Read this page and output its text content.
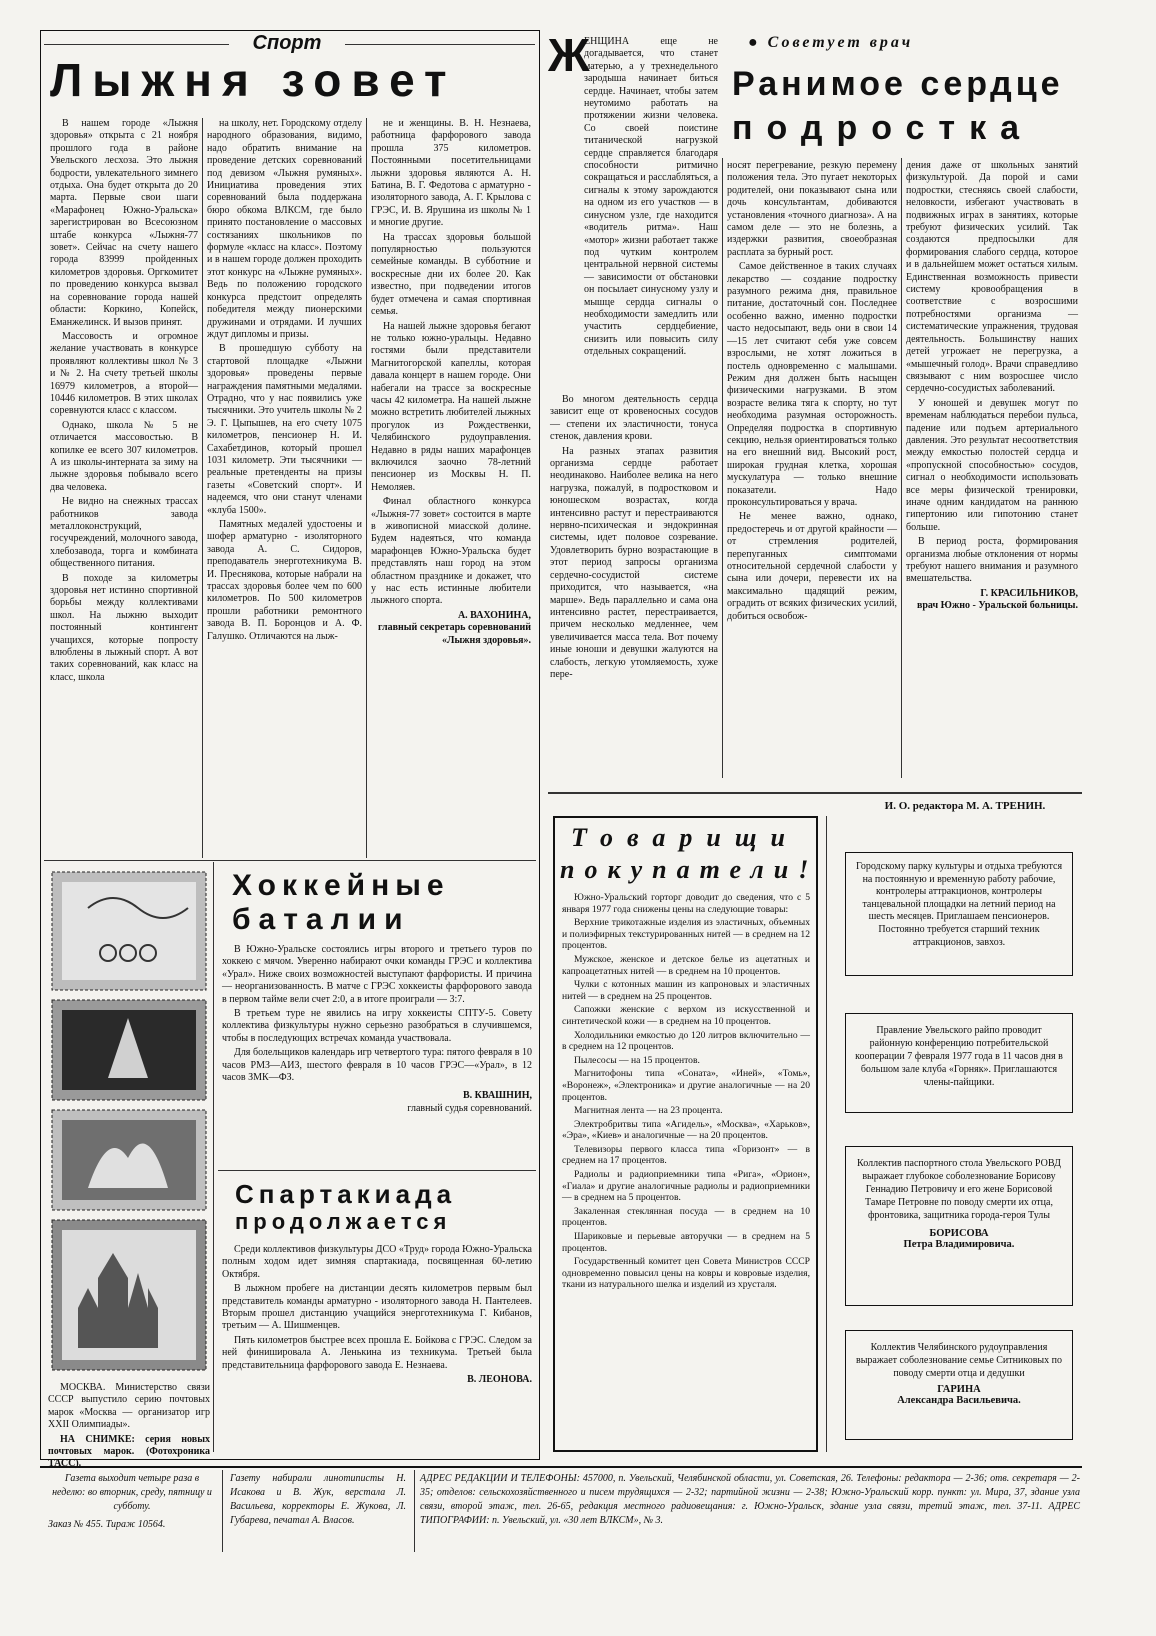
Спорт
Лыжня зовет

В нашем городе «Лыжня здоровья» открыта с 21 ноября прошлого года в районе Увельского лесхоза. Это лыжня бодрости, увлекательного зимнего отдыха. Она будет открыта до 20 марта. Первые свои шаги «Марафонец Южно-Уральска» зарегистрирован во Всесоюзном штабе конкурса «Лыжня-77 зовет». Сейчас на счету нашего города 83999 пройденных километров здоровья. Оргкомитет по проведению конкурса вызвал на соревнование города нашей области: Коркино, Копейск, Еманжелинск. И вызов принят.

Массовость и огромное желание участвовать в конкурсе проявляют коллективы школ № 3 и № 2. На счету третьей школы 16979 километров, а второй— 10446 километров. В этих школах соревнуются класс с классом.

Однако, школа № 5 не отличается массовостью. В копилке ее всего 307 километров. А из школы-интерната за зиму на лыжне здоровья побывало всего два человека.

Не видно на снежных трассах работников завода металлоконструкций, госучреждений, молочного завода, хлебозавода, торга и комбината общественного питания.

В походе за километры здоровья нет истинно спортивной борьбы между коллективами школ. На лыжню выходит постоянный контингент учащихся, которые попросту влюблены в лыжный спорт. А вот таких соревнований, как класс на класс, школа

на школу, нет. Городскому отделу народного образования, видимо, надо обратить внимание на проведение детских соревнований под девизом «Лыжня румяных». Инициатива проведения этих соревнований была поддержана бюро обкома ВЛКСМ, где было принято постановление о массовых состязаниях школьников по формуле «класс на класс». Поэтому и в нашем городе должен проходить этот конкурс на «Лыжне румяных». Ведь по положению городского конкурса предстоит определять победителя между пионерскими дружинами и отрядами. И лучших ждут дипломы и призы.

В прошедшую субботу на стартовой площадке «Лыжни здоровья» проведены первые награждения памятными медалями. Отрадно, что у нас появились уже тысячники. Это учитель школы № 2 Э. Г. Цыпышев, на его счету 1075 километров, пенсионер Н. И. Сахабетдинов, который прошел 1031 километр. Эти тысячники — реальные претенденты на призы газеты «Советский спорт». И надеемся, что они станут членами «клуба 1500».

Памятных медалей удостоены и шофер арматурно - изоляторного завода А. С. Сидоров, преподаватель энерготехникума В. И. Преснякова, которые набрали на трассах здоровья более чем по 600 километров. По 500 километров прошли работники ремонтного завода В. П. Боронцов и А. Ф. Галушко. Отличаются на лыж-

не и женщины. В. Н. Незнаева, работница фарфорового завода прошла 375 километров. Постоянными посетительницами лыжни здоровья являются А. Н. Батина, В. Г. Федотова с арматурно - изоляторного завода, А. Г. Крылова с ГРЭС, И. В. Ярушина из школы № 1 и многие другие.

На трассах здоровья большой популярностью пользуются семейные команды. В субботние и воскресные дни их более 20. Как известно, при подведении итогов будет отмечена и самая спортивная семья.

На нашей лыжне здоровья бегают не только южно-уральцы. Недавно гостями были представители Магнитогорской капеллы, которая давала концерт в нашем городе. Они набегали на трассе за воскресные часы 42 километра. На нашей лыжне можно встретить любителей лыжных прогулок из Рождественки, Челябинского рудоуправления. Недавно в ряды наших марафонцев включился заочно 78-летний пенсионер из Москвы Н. П. Немоляев.

Финал областного конкурса «Лыжня-77 зовет» состоится в марте в живописной миасской долине. Будем надеяться, что команда марафонцев Южно-Уральска будет представлять наш город на этом областном празднике и докажет, что у нас есть истинные любители лыжного спорта.

А. ВАХОНИНА,
главный секретарь соревнований «Лыжня здоровья».

МОСКВА. Министерство связи СССР выпустило серию почтовых марок «Москва — организатор игр XXII Олимпиады».

НА СНИМКЕ: серия новых почтовых марок. (Фотохроника ТАСС).

Хоккейные
баталии

В Южно-Уральске состоялись игры второго и третьего туров по хоккею с мячом. Уверенно набирают очки команды ГРЭС и коллектива «Урал». Ниже своих возможностей выступают фарфористы. И причина — неорганизованность. В матче с ГРЭС хоккеисты фарфорового завода в первом тайме вели счет 2:0, а в итоге проиграли — 3:7.

В третьем туре не явились на игру хоккеисты СПТУ-5. Совету коллектива физкультуры нужно серьезно разобраться в случившемся, чтобы в последующих встречах команда участвовала.

Для болельщиков календарь игр четвертого тура: пятого февраля в 10 часов РМЗ—АИЗ, шестого февраля в 10 часов ГРЭС—«Урал», в 12 часов ЗМК—ФЗ.

В. КВАШНИН,
главный судья соревнований.
Спартакиада
продолжается

Среди коллективов физкультуры ДСО «Труд» города Южно-Уральска полным ходом идет зимняя спартакиада, посвященная 60-летию Октября.

В лыжном пробеге на дистанции десять километров первым был представитель команды арматурно - изоляторного завода Н. Пантелеев. Вторым прошел дистанцию учащийся энерготехникума Г. Кибанов, третьим — А. Шишменцев.

Пять километров быстрее всех прошла Е. Бойкова с ГРЭС. Следом за ней финишировала А. Ленькина из техникума. Третьей была представительница фарфорового завода Е. Незнаева.

В. ЛЕОНОВА.
Ж
ЕНЩИНА еще не догадывается, что станет матерью, а у трехнедельного зародыша начинает биться сердце. Начинает, чтобы затем неутомимо работать на протяжении жизни человека. Со своей поистине титанической нагрузкой сердце справляется благодаря способности ритмично сокращаться и расслабляться, а сигналы к этому зарождаются на одном из его участков — в синусном узле, где находится «водитель ритма». Наш «мотор» жизни работает также под чутким контролем центральной нервной системы — зависимости от обстановки он посылает синусному узлу и мышце сердца сигналы о необходимости замедлить или участить сердцебиение, снизить или повысить силу отдельных сокращений.
● Советует врач
Ранимое сердце
подростка

Во многом деятельность сердца зависит еще от кровеносных сосудов — степени их эластичности, тонуса стенок, давления крови.

На разных этапах развития организма сердце работает неодинаково. Наиболее велика на него нагрузка, пожалуй, в подростковом и юношеском возрастах, когда интенсивно растут и перестраиваются нервно-психическая и эндокринная системы, идет половое созревание. Удовлетворить бурно возрастающие в этот период запросы организма сердечно-сосудистой системе приходится, что называется, «на марше». Ведь параллельно и сама она интенсивно растет, перестраивается, причем несколько медленнее, чем увеличивается масса тела. Вот почему иные юноши и девушки жалуются на слабость, легкую утомляемость, хуже пере-

носят перегревание, резкую перемену положения тела. Это пугает некоторых родителей, они показывают сына или дочь консультантам, добиваются установления «точного диагноза». А на самом деле — это не болезнь, а издержки развития, своеобразная расплата за бурный рост.

Самое действенное в таких случаях лекарство — создание подростку разумного режима дня, правильное питание, достаточный сон. Последнее особенно важно, именно подростки часто недосыпают, ведь они в свои 14—15 лет считают себя уже совсем взрослыми, не хотят ложиться в постель одновременно с малышами. Режим дня должен быть насыщен физическими нагрузками. В этом возрасте велика тяга к спорту, но тут необходима разумная осторожность. Определяя подростка в спортивную секцию, нельзя ориентироваться только на его внешний вид. Высокий рост, широкая грудная клетка, хорошая мускулатура — только внешние показатели. Надо проконсультироваться у врача.

Не менее важно, однако, предостеречь и от другой крайности — от стремления родителей, перепуганных симптомами относительной сердечной слабости у сына или дочери, перевести их на максимально щадящий режим, оградить от всяких физических усилий, добиться освобож-

дения даже от школьных занятий физкультурой. Да порой и сами подростки, стесняясь своей слабости, неловкости, избегают участвовать в подвижных играх в занятиях, которые требуют физических усилий. Так создаются предпосылки для формирования слабого сердца, которое и в дальнейшем может остаться хилым. Единственная возможность привести систему кровообращения в соответствие с возросшими потребностями организма — систематические упражнения, трудовая деятельность. Большинству наших детей угрожает не перегрузка, а «мышечный голод». Врачи справедливо связывают с ним возросшее число сердечно-сосудистых заболеваний.

У юношей и девушек могут по временам наблюдаться перебои пульса, падение или подъем артериального давления. Это результат несоответствия между емкостью полостей сердца и «пропускной способностью» сосудов, сигнал о необходимости использовать все меры физической тренировки, иначе одним кандидатом на раннюю гипертонию или гипотонию станет больше.

В период роста, формирования организма любые отклонения от нормы требуют нашего внимания и разумного вмешательства.

Г. КРАСИЛЬНИКОВ,
врач Южно - Уральской больницы.
И. О. редактора М. А. ТРЕНИН.
Товарищи
покупатели!

Южно-Уральский горторг доводит до сведения, что с 5 января 1977 года снижены цены на следующие товары:

Верхние трикотажные изделия из эластичных, объемных и полиэфирных текстурированных нитей — в среднем на 12 процентов.

Мужское, женское и детское белье из ацетатных и капроацетатных нитей — в среднем на 10 процентов.

Чулки с котонных машин из капроновых и эластичных нитей — в среднем на 25 процентов.

Сапожки женские с верхом из искусственной и синтетической кожи — в среднем на 10 процентов.

Холодильники емкостью до 120 литров включительно — в среднем на 12 процентов.

Пылесосы — на 15 процентов.

Магнитофоны типа «Соната», «Иней», «Томь», «Воронеж», «Электроника» и другие аналогичные — на 20 процентов.

Магнитная лента — на 23 процента.

Электробритвы типа «Агидель», «Москва», «Харьков», «Эра», «Киев» и аналогичные — на 20 процентов.

Телевизоры первого класса типа «Горизонт» — в среднем на 17 процентов.

Радиолы и радиоприемники типа «Рига», «Орион», «Гиала» и другие аналогичные радиолы и радиоприемники — в среднем на 5 процентов.

Закаленная стеклянная посуда — в среднем на 10 процентов.

Шариковые и перьевые авторучки — в среднем на 5 процентов.

Государственный комитет цен Совета Министров СССР одновременно повысил цены на ковры и ковровые изделия, ткани из натурального шелка и изделий из хрусталя.

Городскому парку культуры и отдыха требуются на постоянную и временную работу рабочие, контролеры аттракционов, контролеры танцевальной площадки на летний период на шесть месяцев. Приглашаем пенсионеров. Постоянно требуется старший техник аттракционов, завхоз.
Правление Увельского райпо проводит районную конференцию потребительской кооперации 7 февраля 1977 года в 11 часов дня в большом зале клуба «Горняк». Приглашаются члены-пайщики.
Коллектив паспортного стола Увельского РОВД выражает глубокое соболезнование Борисову Геннадию Петровичу и его жене Борисовой Тамаре Петровне по поводу смерти их отца, фронтовика, защитника города-героя Тулы
БОРИСОВА
Петра Владимировича.
Коллектив Челябинского рудоуправления выражает соболезнование семье Ситниковых по поводу смерти отца и дедушки
ГАРИНА
Александра Васильевича.
Газета выходит четыре раза в неделю: во вторник, среду, пятницу и субботу.
Заказ № 455. Тираж 10564.
Газету набирали линотиписты Н. Исакова и В. Жук, верстала Л. Васильева, корректоры Е. Жукова, Л. Губарева, печатал А. Власов.
АДРЕС РЕДАКЦИИ И ТЕЛЕФОНЫ: 457000, п. Увельский, Челябинской области, ул. Советская, 26. Телефоны: редактора — 2-36; отв. секретаря — 2-35; отделов: сельскохозяйственного и писем трудящихся — 2-32; партийной жизни — 2-38; Южно-Уральский корр. пункт: ул. Мира, 37, здание узла связи, второй этаж, тел. 26-65, редакция местного радиовещания: г. Южно-Уральск, здание узла связи, третий этаж, тел. 37-11. АДРЕС ТИПОГРАФИИ: п. Увельский, ул. «30 лет ВЛКСМ», № 3.
